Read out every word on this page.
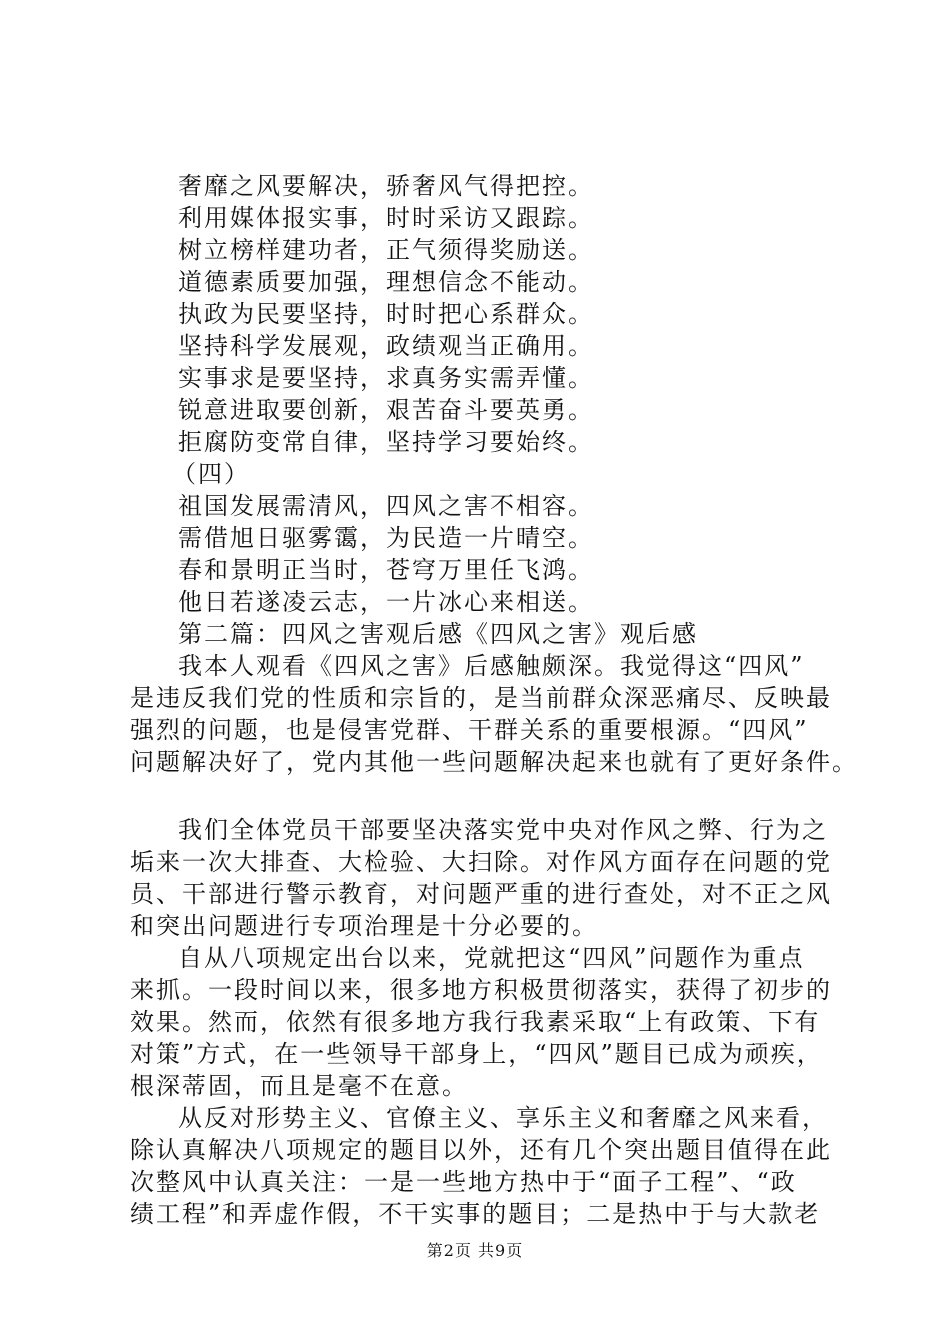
奢靡之风要解决，骄奢风气得把控。
利用媒体报实事，时时采访又跟踪。
树立榜样建功者，正气须得奖励送。
道德素质要加强，理想信念不能动。
执政为民要坚持，时时把心系群众。
坚持科学发展观，政绩观当正确用。
实事求是要坚持，求真务实需弄懂。
锐意进取要创新，艰苦奋斗要英勇。
拒腐防变常自律，坚持学习要始终。
（四）
祖国发展需清风，四风之害不相容。
需借旭日驱雾霭，为民造一片晴空。
春和景明正当时，苍穹万里任飞鸿。
他日若遂凌云志，一片冰心来相送。
第二篇：四风之害观后感《四风之害》观后感
我本人观看《四风之害》后感触颇深。我觉得这“四风”
是违反我们党的性质和宗旨的，是当前群众深恶痛尽、反映最
强烈的问题，也是侵害党群、干群关系的重要根源。“四风”
问题解决好了，党内其他一些问题解决起来也就有了更好条件。
我们全体党员干部要坚决落实党中央对作风之弊、行为之
垢来一次大排查、大检验、大扫除。对作风方面存在问题的党
员、干部进行警示教育，对问题严重的进行查处，对不正之风
和突出问题进行专项治理是十分必要的。
自从八项规定出台以来，党就把这“四风”问题作为重点
来抓。一段时间以来，很多地方积极贯彻落实，获得了初步的
效果。然而，依然有很多地方我行我素采取“上有政策、下有
对策”方式，在一些领导干部身上，“四风”题目已成为顽疾，
根深蒂固，而且是毫不在意。
从反对形势主义、官僚主义、享乐主义和奢靡之风来看，
除认真解决八项规定的题目以外，还有几个突出题目值得在此
次整风中认真关注：一是一些地方热中于“面子工程”、“政
绩工程”和弄虚作假，不干实事的题目；二是热中于与大款老
第2页 共9页
